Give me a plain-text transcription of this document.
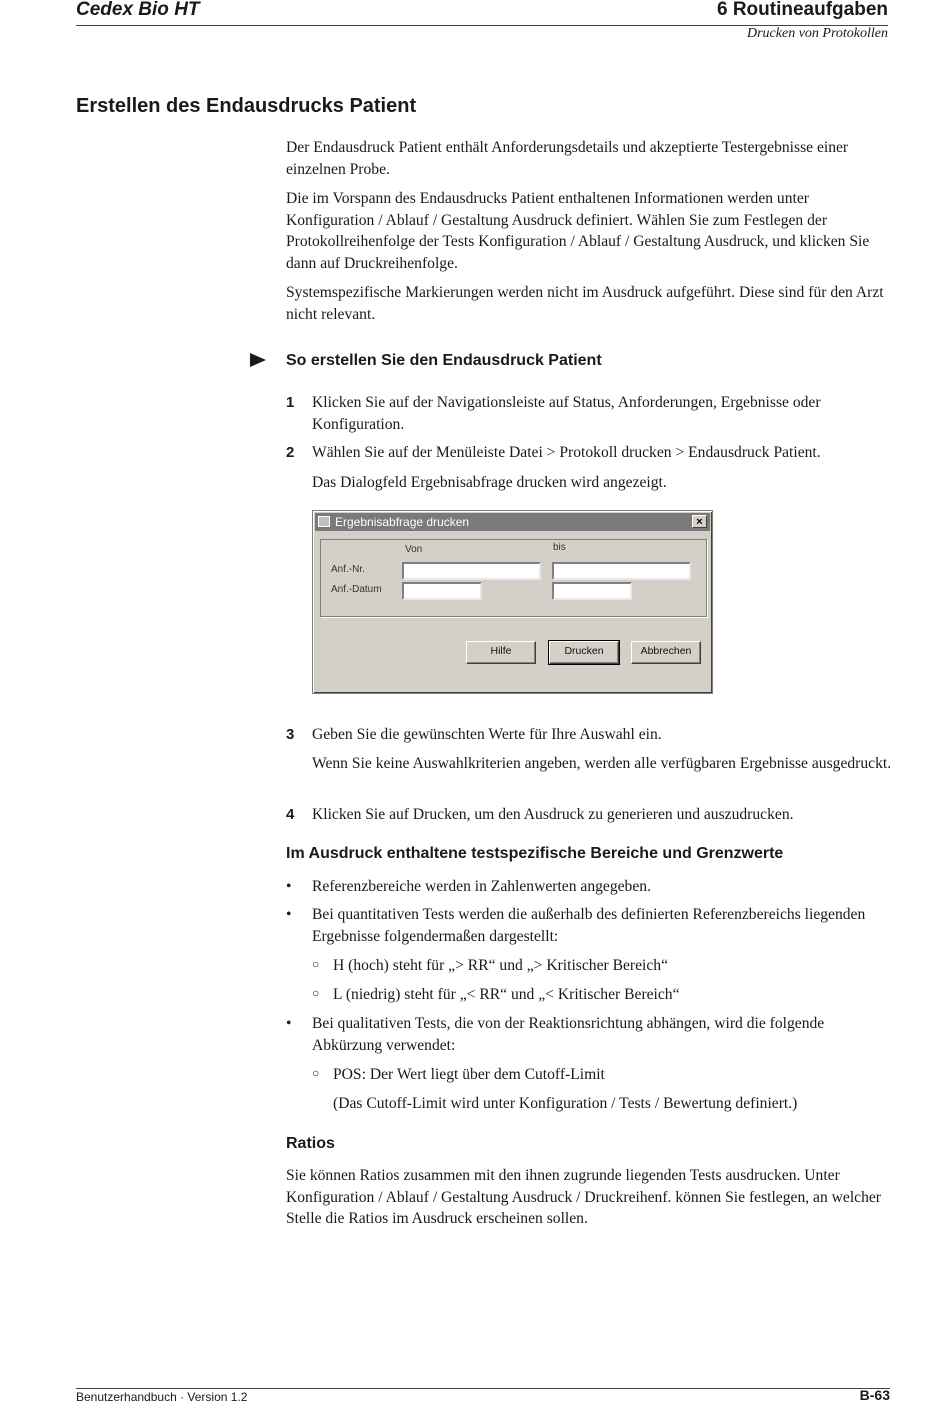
Cedex Bio HT	6 Routineaufgaben
Drucken von Protokollen
Erstellen des Endausdrucks Patient

Der Endausdruck Patient enthält Anforderungsdetails und akzeptierte Testergebnisse einer einzelnen Probe.

Die im Vorspann des Endausdrucks Patient enthaltenen Informationen werden unter Konfiguration / Ablauf / Gestaltung Ausdruck definiert. Wählen Sie zum Festlegen der Protokollreihenfolge der Tests Konfiguration / Ablauf / Gestaltung Ausdruck, und klicken Sie dann auf Druckreihenfolge.

Systemspezifische Markierungen werden nicht im Ausdruck aufgeführt. Diese sind für den Arzt nicht relevant.

So erstellen Sie den Endausdruck Patient
1 Klicken Sie auf der Navigationsleiste auf Status, Anforderungen, Ergebnisse oder Konfiguration.
2 Wählen Sie auf der Menüleiste Datei > Protokoll drucken > Endausdruck Patient.
Das Dialogfeld Ergebnisabfrage drucken wird angezeigt.
Ergebnisabfrage drucken	×
Von	bis
Anf.-Nr.
Anf.-Datum
Hilfe	Drucken	Abbrechen
3 Geben Sie die gewünschten Werte für Ihre Auswahl ein.
Wenn Sie keine Auswahlkriterien angeben, werden alle verfügbaren Ergebnisse ausgedruckt.
4 Klicken Sie auf Drucken, um den Ausdruck zu generieren und auszudrucken.
Im Ausdruck enthaltene testspezifische Bereiche und Grenzwerte
• Referenzbereiche werden in Zahlenwerten angegeben.
• Bei quantitativen Tests werden die außerhalb des definierten Referenzbereichs liegenden Ergebnisse folgendermaßen dargestellt:
○ H (hoch) steht für „> RR“ und „> Kritischer Bereich“
○ L (niedrig) steht für „< RR“ und „< Kritischer Bereich“
• Bei qualitativen Tests, die von der Reaktionsrichtung abhängen, wird die folgende Abkürzung verwendet:
○ POS: Der Wert liegt über dem Cutoff-Limit
(Das Cutoff-Limit wird unter Konfiguration / Tests / Bewertung definiert.)
Ratios
Sie können Ratios zusammen mit den ihnen zugrunde liegenden Tests ausdrucken. Unter Konfiguration / Ablauf / Gestaltung Ausdruck / Druckreihenf. können Sie festlegen, an welcher Stelle die Ratios im Ausdruck erscheinen sollen.
Benutzerhandbuch · Version 1.2	B-63
